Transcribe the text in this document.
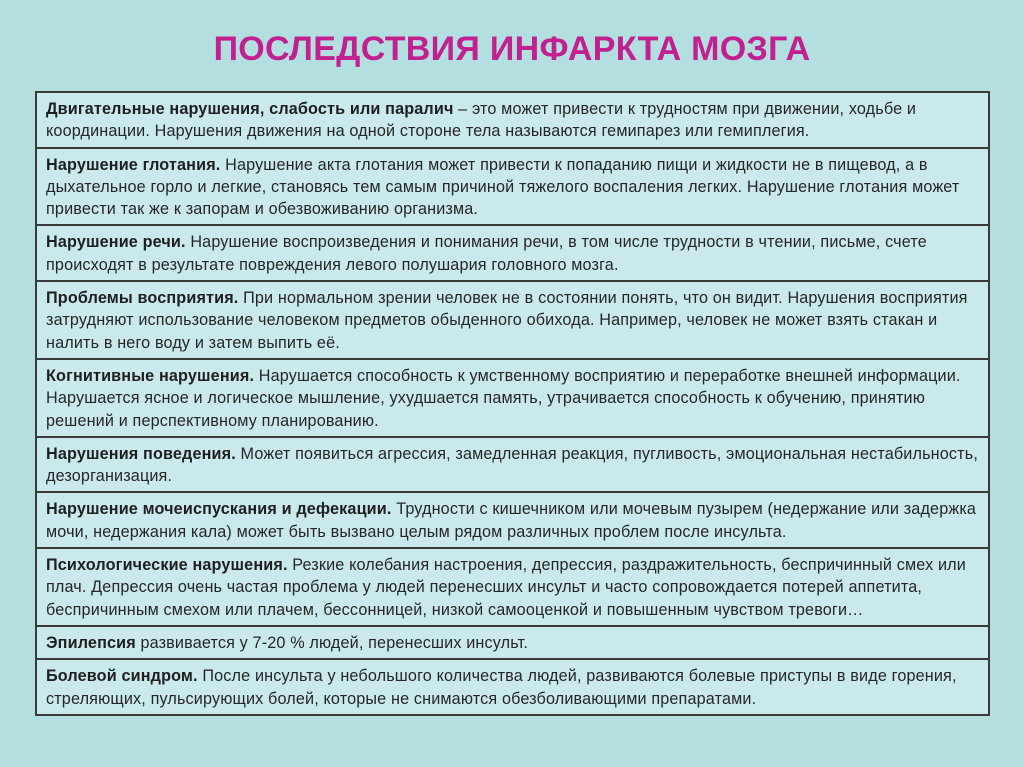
ПОСЛЕДСТВИЯ ИНФАРКТА МОЗГА
Двигательные нарушения, слабость или паралич – это может привести к трудностям при движении, ходьбе и координации. Нарушения движения на одной стороне тела называются гемипарез или гемиплегия.
Нарушение глотания. Нарушение акта глотания может привести к попаданию пищи и жидкости не в пищевод, а в дыхательное горло и легкие, становясь тем самым причиной тяжелого воспаления легких. Нарушение глотания может привести так же к запорам и обезвоживанию организма.
Нарушение речи. Нарушение воспроизведения и понимания речи, в том числе трудности в чтении, письме, счете происходят в результате повреждения левого полушария головного мозга.
Проблемы восприятия. При нормальном зрении человек не в состоянии понять, что он видит. Нарушения восприятия затрудняют использование человеком предметов обыденного обихода. Например, человек не может взять стакан и налить в него воду и затем выпить её.
Когнитивные нарушения. Нарушается способность к умственному восприятию и переработке внешней информации. Нарушается ясное и логическое мышление, ухудшается память, утрачивается способность к обучению, принятию решений и перспективному планированию.
Нарушения поведения. Может появиться агрессия, замедленная реакция, пугливость, эмоциональная нестабильность, дезорганизация.
Нарушение мочеиспускания и дефекации. Трудности с кишечником или мочевым пузырем (недержание или задержка мочи, недержания кала) может быть вызвано целым рядом различных проблем после инсульта.
Психологические нарушения. Резкие колебания настроения, депрессия, раздражительность, беспричинный смех или плач. Депрессия очень частая проблема у людей перенесших инсульт и часто сопровождается потерей аппетита, беспричинным смехом или плачем, бессонницей, низкой самооценкой и повышенным чувством тревоги…
Эпилепсия развивается у 7-20 % людей, перенесших инсульт.
Болевой синдром. После инсульта у небольшого количества людей, развиваются болевые приступы в виде горения, стреляющих, пульсирующих болей, которые не снимаются обезболивающими препаратами.
